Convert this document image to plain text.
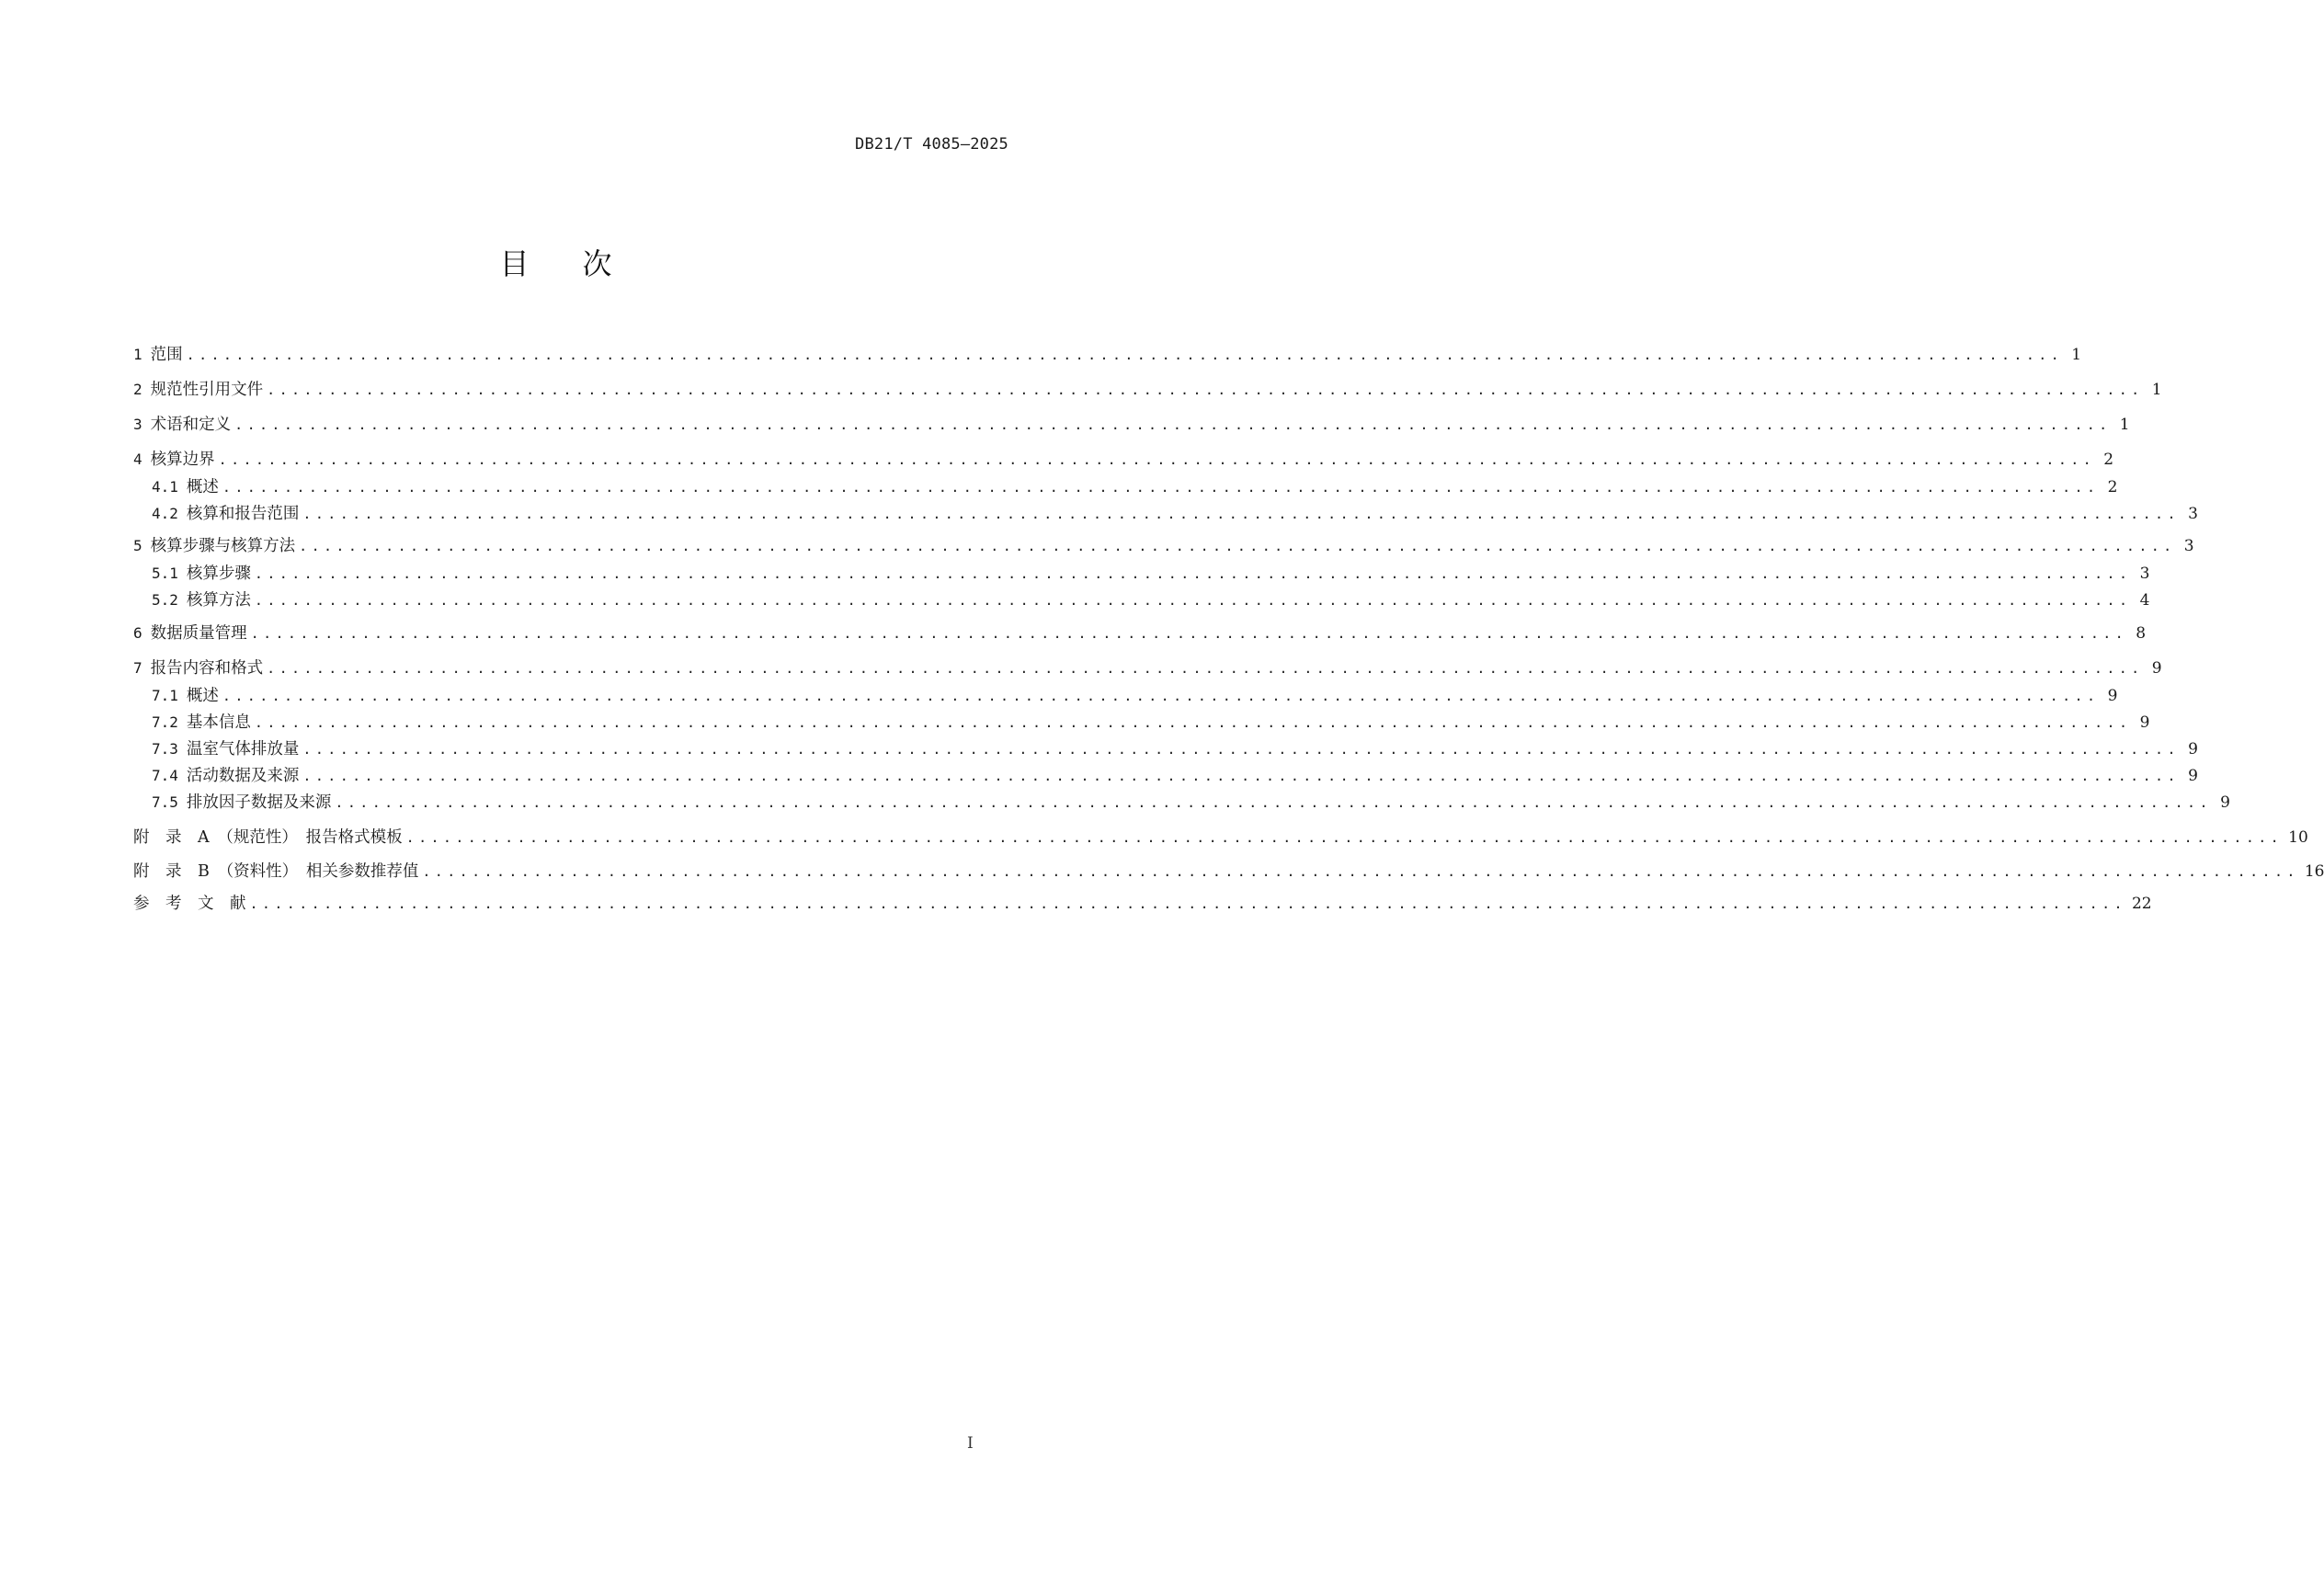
DB21/T 4085—2025
目次
1 范围 ........................................................................................................................................................ 1
2 规范性引用文件 ........................................................................................................................................................ 1
3 术语和定义 ........................................................................................................................................................ 1
4 核算边界 ........................................................................................................................................................ 2
4.1 概述 ........................................................................................................................................................ 2
4.2 核算和报告范围 ........................................................................................................................................................ 3
5 核算步骤与核算方法 ........................................................................................................................................................ 3
5.1 核算步骤 ........................................................................................................................................................ 3
5.2 核算方法 ........................................................................................................................................................ 4
6 数据质量管理 ........................................................................................................................................................ 8
7 报告内容和格式 ........................................................................................................................................................ 9
7.1 概述 ........................................................................................................................................................ 9
7.2 基本信息 ........................................................................................................................................................ 9
7.3 温室气体排放量 ........................................................................................................................................................ 9
7.4 活动数据及来源 ........................................................................................................................................................ 9
7.5 排放因子数据及来源 ........................................................................................................................................................ 9
附　录　A　（规范性）　报告格式模板 ........................................................................................................................................................ 10
附　录　B　（资料性）　相关参数推荐值 ........................................................................................................................................................ 16
参　考　文　献 ........................................................................................................................................................ 22
I
